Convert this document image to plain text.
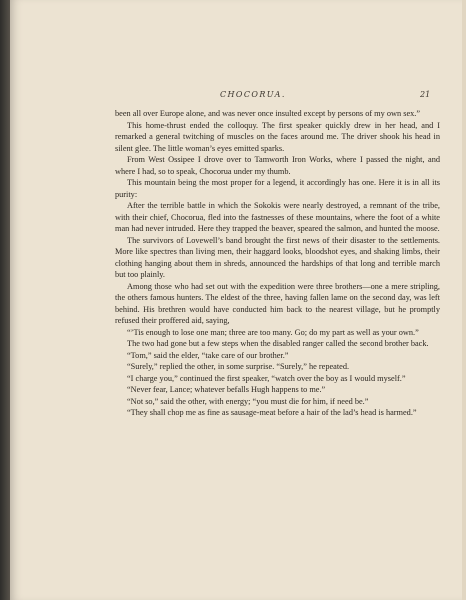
CHOCORUA.	21

been all over Europe alone, and was never once insulted except by persons of my own sex.”

This home-thrust ended the colloquy. The first speaker quickly drew in her head, and I remarked a general twitching of muscles on the faces around me. The driver shook his head in silent glee. The little woman’s eyes emitted sparks.

From West Ossipee I drove over to Tamworth Iron Works, where I passed the night, and where I had, so to speak, Chocorua under my thumb.

This mountain being the most proper for a legend, it accordingly has one. Here it is in all its purity:

After the terrible battle in which the Sokokis were nearly destroyed, a remnant of the tribe, with their chief, Chocorua, fled into the fastnesses of these mountains, where the foot of a white man had never intruded. Here they trapped the beaver, speared the salmon, and hunted the moose.

The survivors of Lovewell’s band brought the first news of their disaster to the settlements. More like spectres than living men, their haggard looks, bloodshot eyes, and shaking limbs, their clothing hanging about them in shreds, announced the hardships of that long and terrible march but too plainly.

Among those who had set out with the expedition were three brothers—one a mere stripling, the others famous hunters. The eldest of the three, having fallen lame on the second day, was left behind. His brethren would have conducted him back to the nearest village, but he promptly refused their proffered aid, saying,

“’Tis enough to lose one man; three are too many. Go; do my part as well as your own.”

The two had gone but a few steps when the disabled ranger called the second brother back.

“Tom,” said the elder, “take care of our brother.”

“Surely,” replied the other, in some surprise. “Surely,” he repeated.

“I charge you,” continued the first speaker, “watch over the boy as I would myself.”

“Never fear, Lance; whatever befalls Hugh happens to me.”

“Not so,” said the other, with energy; “you must die for him, if need be.”

“They shall chop me as fine as sausage-meat before a hair of the lad’s head is harmed.”
